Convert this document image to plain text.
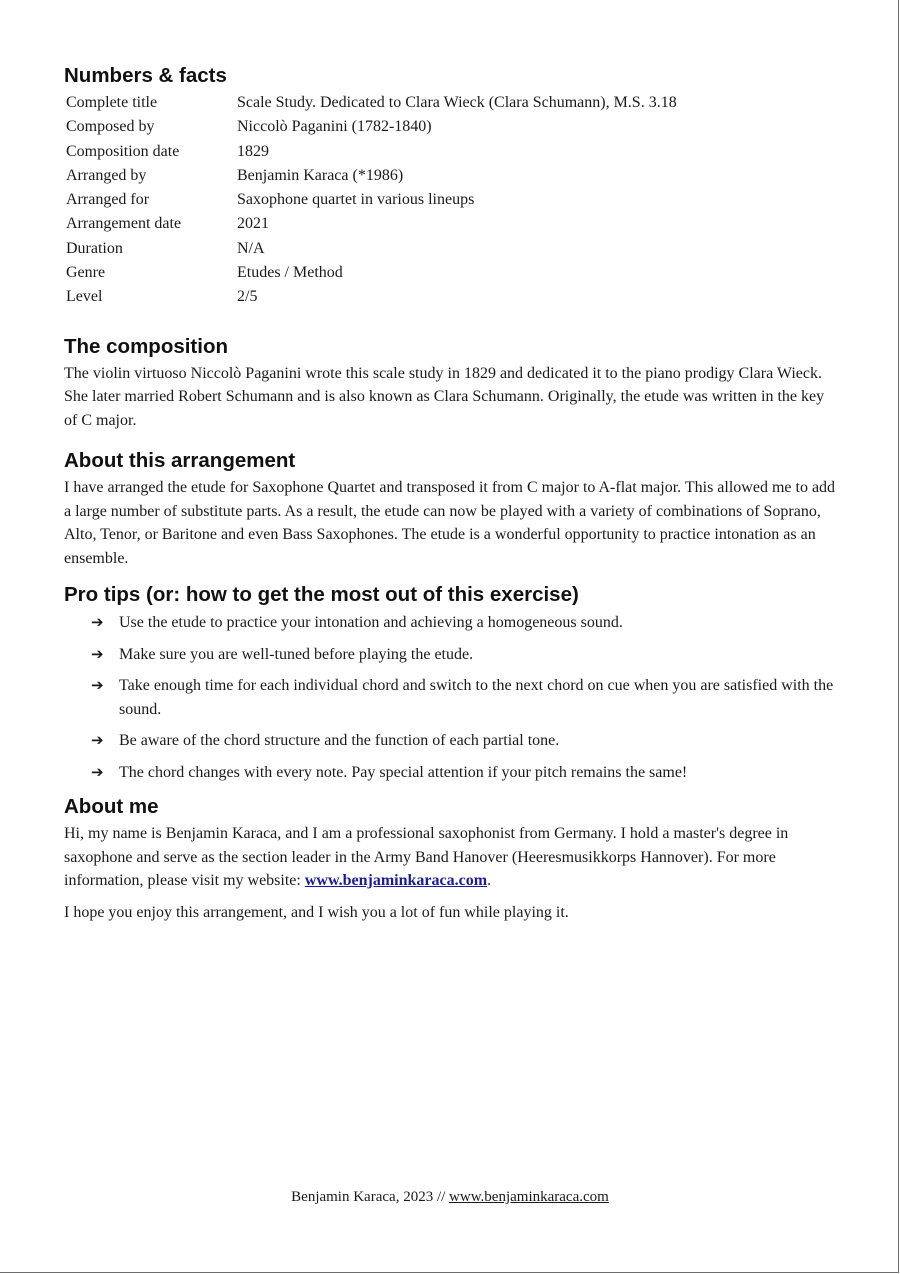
Numbers & facts
Complete title	Scale Study. Dedicated to Clara Wieck (Clara Schumann), M.S. 3.18
Composed by	Niccolò Paganini (1782-1840)
Composition date	1829
Arranged by	Benjamin Karaca (*1986)
Arranged for	Saxophone quartet in various lineups
Arrangement date	2021
Duration	N/A
Genre	Etudes / Method
Level	2/5
The composition

The violin virtuoso Niccolò Paganini wrote this scale study in 1829 and dedicated it to the piano prodigy Clara Wieck. She later married Robert Schumann and is also known as Clara Schumann. Originally, the etude was written in the key of C major.

About this arrangement

I have arranged the etude for Saxophone Quartet and transposed it from C major to A-flat major. This allowed me to add a large number of substitute parts. As a result, the etude can now be played with a variety of combinations of Soprano, Alto, Tenor, or Baritone and even Bass Saxophones. The etude is a wonderful opportunity to practice intonation as an ensemble.

Pro tips (or: how to get the most out of this exercise)
➔ Use the etude to practice your intonation and achieving a homogeneous sound.
➔ Make sure you are well-tuned before playing the etude.
➔ Take enough time for each individual chord and switch to the next chord on cue when you are satisfied with the sound.
➔ Be aware of the chord structure and the function of each partial tone.
➔ The chord changes with every note. Pay special attention if your pitch remains the same!
About me

Hi, my name is Benjamin Karaca, and I am a professional saxophonist from Germany. I hold a master's degree in saxophone and serve as the section leader in the Army Band Hanover (Heeresmusikkorps Hannover). For more information, please visit my website: www.benjaminkaraca.com.

I hope you enjoy this arrangement, and I wish you a lot of fun while playing it.

Benjamin Karaca, 2023 // www.benjaminkaraca.com
